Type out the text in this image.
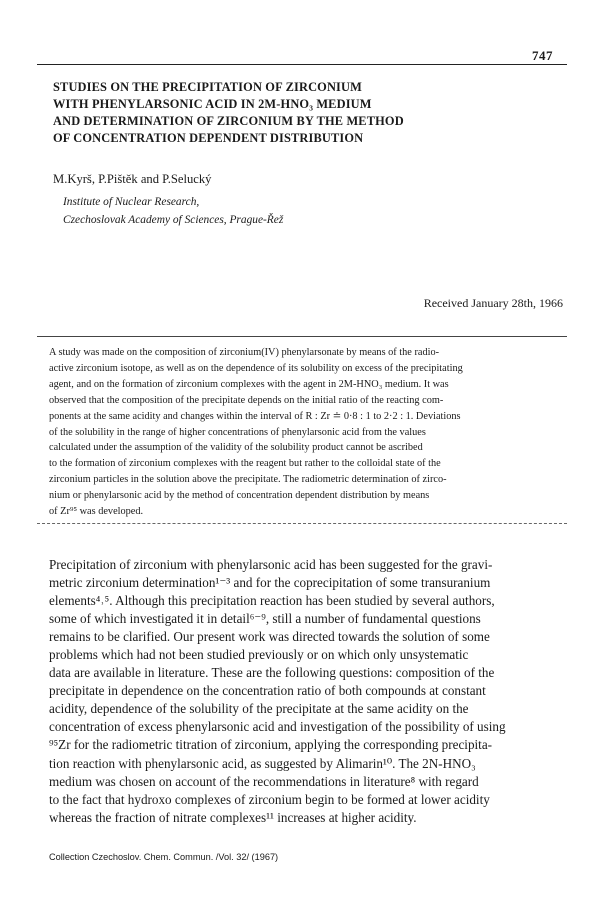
747
STUDIES ON THE PRECIPITATION OF ZIRCONIUM
WITH PHENYLARSONIC ACID IN 2M-HNO₃ MEDIUM
AND DETERMINATION OF ZIRCONIUM BY THE METHOD
OF CONCENTRATION DEPENDENT DISTRIBUTION
M.Kyrš, P.Pištěk and P.Selucký
Institute of Nuclear Research,
Czechoslovak Academy of Sciences, Prague-Řež
Received January 28th, 1966
A study was made on the composition of zirconium(IV) phenylarsonate by means of the radio-
active zirconium isotope, as well as on the dependence of its solubility on excess of the precipitating
agent, and on the formation of zirconium complexes with the agent in 2M-HNO₃ medium. It was
observed that the composition of the precipitate depends on the initial ratio of the reacting com-
ponents at the same acidity and changes within the interval of R : Zr ≐ 0·8 : 1 to 2·2 : 1. Deviations
of the solubility in the range of higher concentrations of phenylarsonic acid from the values
calculated under the assumption of the validity of the solubility product cannot be ascribed
to the formation of zirconium complexes with the reagent but rather to the colloidal state of the
zirconium particles in the solution above the precipitate. The radiometric determination of zirco-
nium or phenylarsonic acid by the method of concentration dependent distribution by means
of Zr⁹⁵ was developed.
Precipitation of zirconium with phenylarsonic acid has been suggested for the gravi-
metric zirconium determination¹⁻³ and for the coprecipitation of some transuranium
elements⁴˒⁵. Although this precipitation reaction has been studied by several authors,
some of which investigated it in detail⁶⁻⁹, still a number of fundamental questions
remains to be clarified. Our present work was directed towards the solution of some
problems which had not been studied previously or on which only unsystematic
data are available in literature. These are the following questions: composition of the
precipitate in dependence on the concentration ratio of both compounds at constant
acidity, dependence of the solubility of the precipitate at the same acidity on the
concentration of excess phenylarsonic acid and investigation of the possibility of using
⁹⁵Zr for the radiometric titration of zirconium, applying the corresponding precipita-
tion reaction with phenylarsonic acid, as suggested by Alimarin¹⁰. The 2N-HNO₃
medium was chosen on account of the recommendations in literature⁸ with regard
to the fact that hydroxo complexes of zirconium begin to be formed at lower acidity
whereas the fraction of nitrate complexes¹¹ increases at higher acidity.
Collection Czechoslov. Chem. Commun. /Vol. 32/ (1967)
